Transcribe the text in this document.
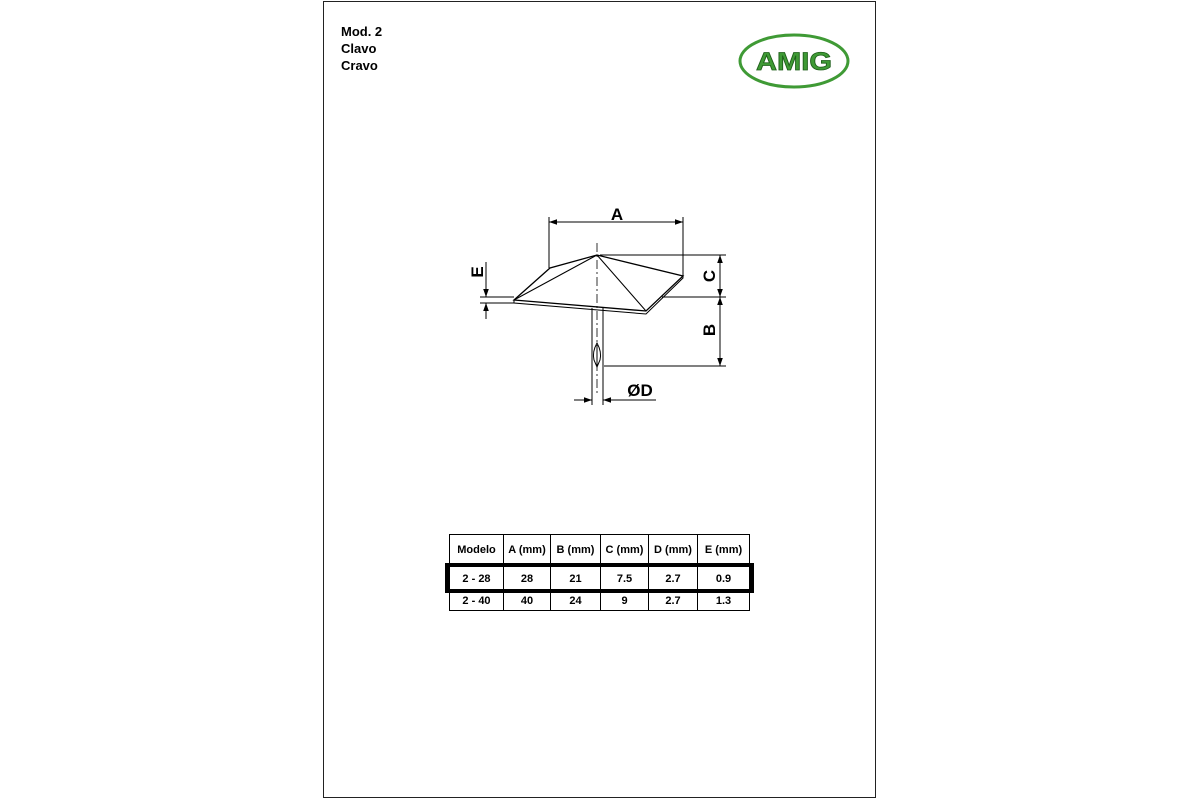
Mod. 2
Clavo
Cravo	AMIG
A
C
B
E
ØD
Modelo	A (mm)	B (mm)	C (mm)	D (mm)	E (mm)
2 - 28	28	21	7.5	2.7	0.9
2 - 40	40	24	9	2.7	1.3
